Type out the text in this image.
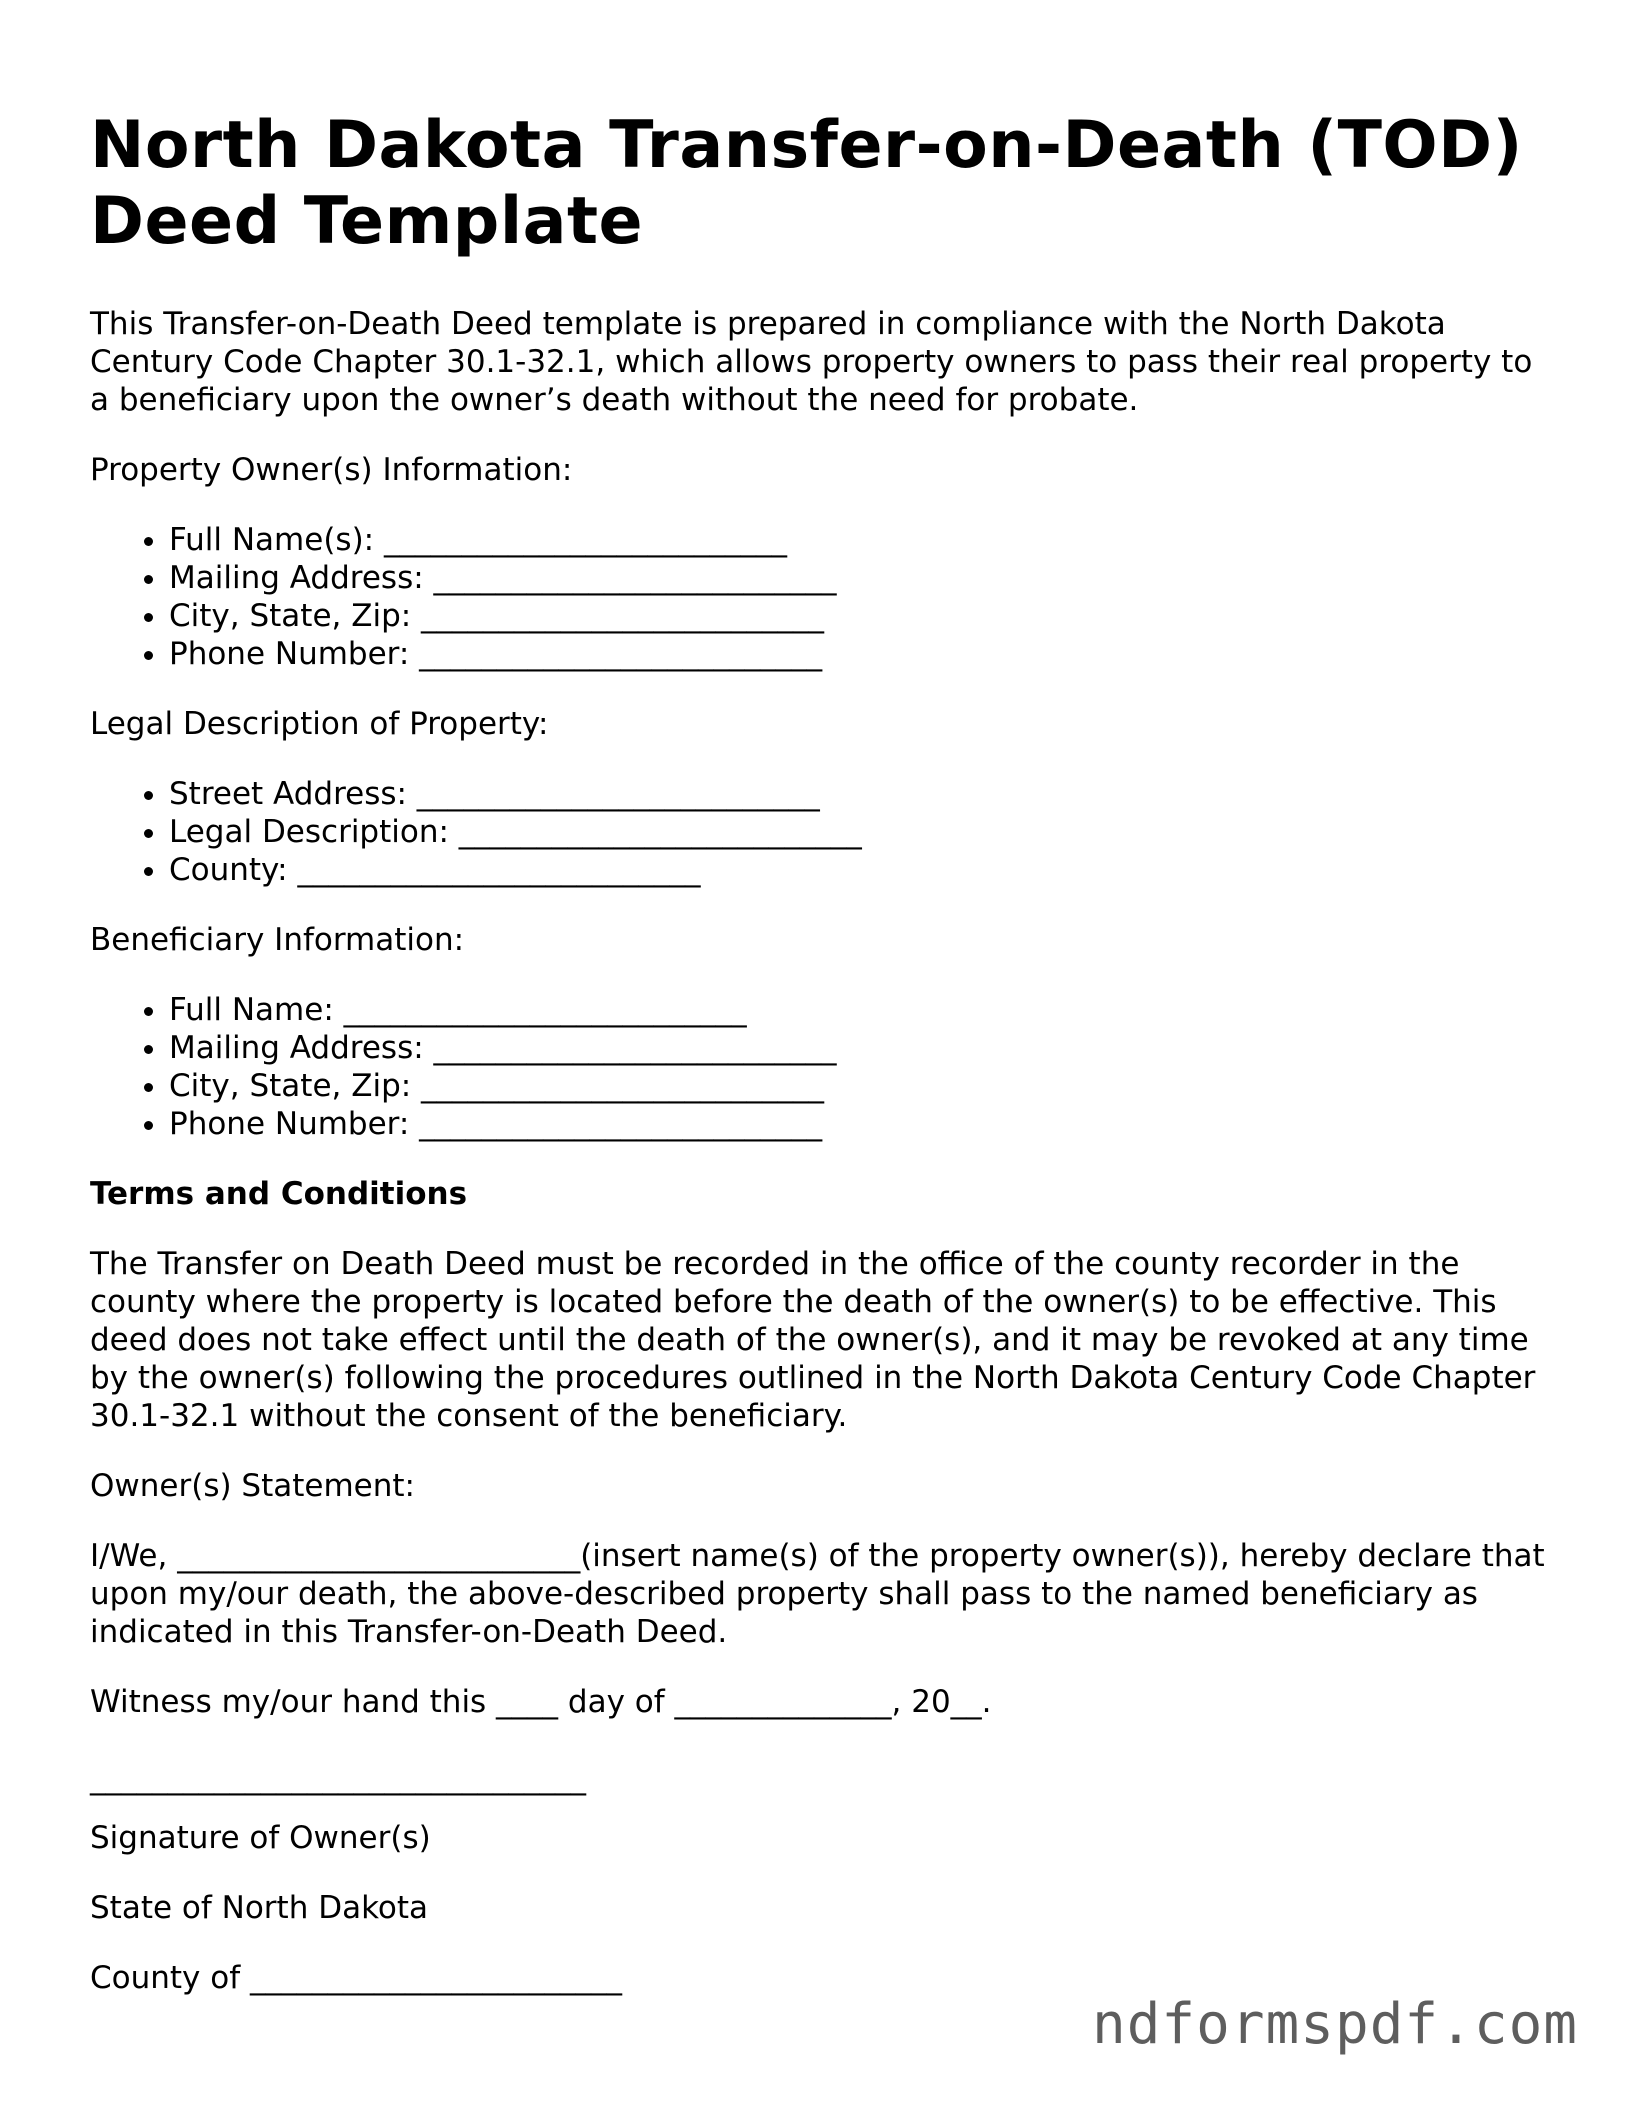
North Dakota Transfer-on-Death (TOD) Deed Template

This Transfer-on-Death Deed template is prepared in compliance with the North Dakota Century Code Chapter 30.1-32.1, which allows property owners to pass their real property to a beneficiary upon the owner’s death without the need for probate.

Property Owner(s) Information:

• Full Name(s): __________________________
• Mailing Address: __________________________
• City, State, Zip: __________________________
• Phone Number: __________________________

Legal Description of Property:

• Street Address: __________________________
• Legal Description: __________________________
• County: __________________________

Beneficiary Information:

• Full Name: __________________________
• Mailing Address: __________________________
• City, State, Zip: __________________________
• Phone Number: __________________________

Terms and Conditions

The Transfer on Death Deed must be recorded in the office of the county recorder in the county where the property is located before the death of the owner(s) to be effective. This deed does not take effect until the death of the owner(s), and it may be revoked at any time by the owner(s) following the procedures outlined in the North Dakota Century Code Chapter 30.1-32.1 without the consent of the beneficiary.

Owner(s) Statement:

I/We, __________________________(insert name(s) of the property owner(s)), hereby declare that upon my/our death, the above-described property shall pass to the named beneficiary as indicated in this Transfer-on-Death Deed.

Witness my/our hand this ____ day of ______________, 20__.

________________________________

Signature of Owner(s)

State of North Dakota

County of ________________________

ndformspdf.com
